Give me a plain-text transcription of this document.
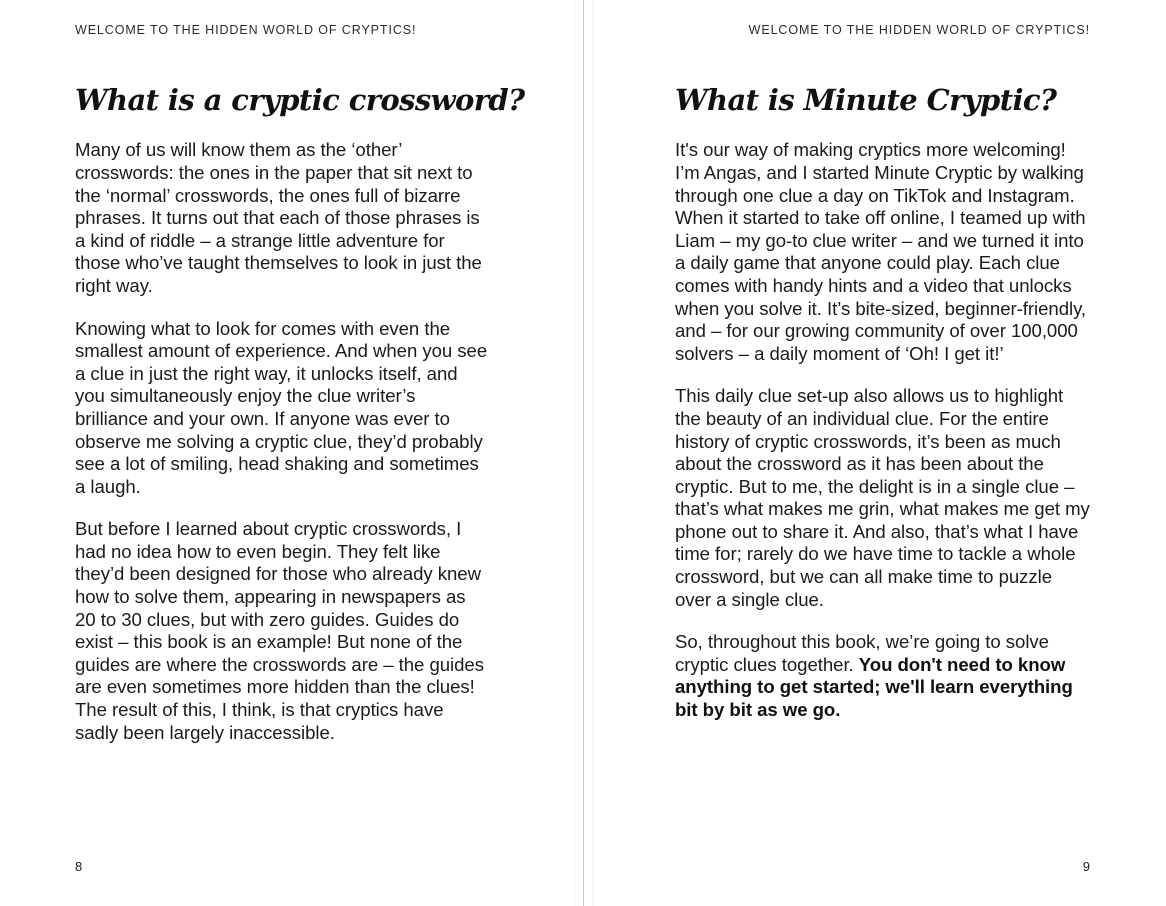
WELCOME TO THE HIDDEN WORLD OF CRYPTICS!
What is a cryptic crossword?

Many of us will know them as the ‘other’ crosswords: the ones in the paper that sit next to the ‘normal’ crosswords, the ones full of bizarre phrases. It turns out that each of those phrases is a kind of riddle – a strange little adventure for those who’ve taught themselves to look in just the right way.

Knowing what to look for comes with even the smallest amount of experience. And when you see a clue in just the right way, it unlocks itself, and you simultaneously enjoy the clue writer’s brilliance and your own. If anyone was ever to observe me solving a cryptic clue, they’d probably see a lot of smiling, head shaking and sometimes a laugh.

But before I learned about cryptic crosswords, I had no idea how to even begin. They felt like they’d been designed for those who already knew how to solve them, appearing in newspapers as 20 to 30 clues, but with zero guides. Guides do exist – this book is an example! But none of the guides are where the crosswords are – the guides are even sometimes more hidden than the clues! The result of this, I think, is that cryptics have sadly been largely inaccessible.

8
WELCOME TO THE HIDDEN WORLD OF CRYPTICS!
What is Minute Cryptic?

It's our way of making cryptics more welcoming! I’m Angas, and I started Minute Cryptic by walking through one clue a day on TikTok and Instagram. When it started to take off online, I teamed up with Liam – my go-to clue writer – and we turned it into a daily game that anyone could play. Each clue comes with handy hints and a video that unlocks when you solve it. It’s bite-sized, beginner-friendly, and – for our growing community of over 100,000 solvers – a daily moment of ‘Oh! I get it!’

This daily clue set-up also allows us to highlight the beauty of an individual clue. For the entire history of cryptic crosswords, it’s been as much about the crossword as it has been about the cryptic. But to me, the delight is in a single clue – that’s what makes me grin, what makes me get my phone out to share it. And also, that’s what I have time for; rarely do we have time to tackle a whole crossword, but we can all make time to puzzle over a single clue.

So, throughout this book, we’re going to solve cryptic clues together. You don't need to know anything to get started; we'll learn everything bit by bit as we go.

9
